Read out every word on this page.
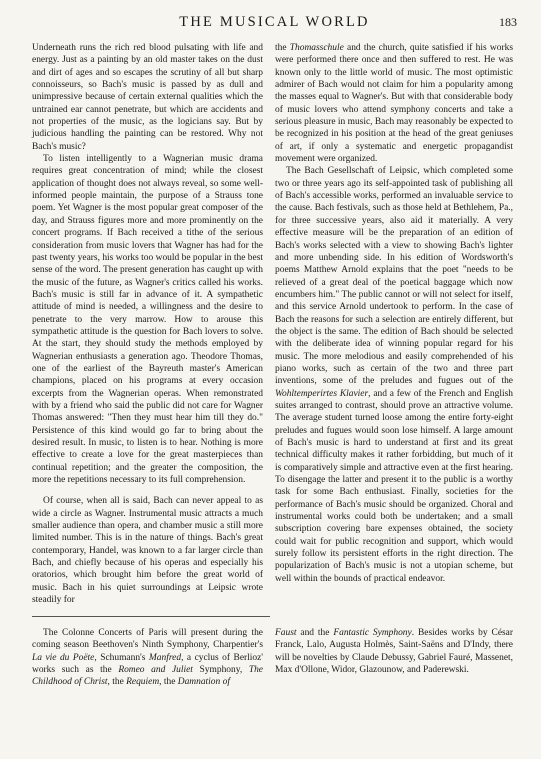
THE MUSICAL WORLD	183

Underneath runs the rich red blood pulsating with life and energy. Just as a painting by an old master takes on the dust and dirt of ages and so escapes the scrutiny of all but sharp connoisseurs, so Bach's music is passed by as dull and unimpressive because of certain external qualities which the untrained ear cannot penetrate, but which are accidents and not properties of the music, as the logicians say. But by judicious handling the painting can be restored. Why not Bach's music?

To listen intelligently to a Wagnerian music drama requires great concentration of mind; while the closest application of thought does not always reveal, so some well-informed people maintain, the purpose of a Strauss tone poem. Yet Wagner is the most popular great composer of the day, and Strauss figures more and more prominently on the concert programs. If Bach received a tithe of the serious consideration from music lovers that Wagner has had for the past twenty years, his works too would be popular in the best sense of the word. The present generation has caught up with the music of the future, as Wagner's critics called his works. Bach's music is still far in advance of it. A sympathetic attitude of mind is needed, a willingness and the desire to penetrate to the very marrow. How to arouse this sympathetic attitude is the question for Bach lovers to solve. At the start, they should study the methods employed by Wagnerian enthusiasts a generation ago. Theodore Thomas, one of the earliest of the Bayreuth master's American champions, placed on his programs at every occasion excerpts from the Wagnerian operas. When remonstrated with by a friend who said the public did not care for Wagner Thomas answered: "Then they must hear him till they do." Persistence of this kind would go far to bring about the desired result. In music, to listen is to hear. Nothing is more effective to create a love for the great masterpieces than continual repetition; and the greater the composition, the more the repetitions necessary to its full comprehension.

Of course, when all is said, Bach can never appeal to as wide a circle as Wagner. Instrumental music attracts a much smaller audience than opera, and chamber music a still more limited number. This is in the nature of things. Bach's great contemporary, Handel, was known to a far larger circle than Bach, and chiefly because of his operas and especially his oratorios, which brought him before the great world of music. Bach in his quiet surroundings at Leipsic wrote steadily for

the Thomasschule and the church, quite satisfied if his works were performed there once and then suffered to rest. He was known only to the little world of music. The most optimistic admirer of Bach would not claim for him a popularity among the masses equal to Wagner's. But with that considerable body of music lovers who attend symphony concerts and take a serious pleasure in music, Bach may reasonably be expected to be recognized in his position at the head of the great geniuses of art, if only a systematic and energetic propagandist movement were organized.

The Bach Gesellschaft of Leipsic, which completed some two or three years ago its self-appointed task of publishing all of Bach's accessible works, performed an invaluable service to the cause. Bach festivals, such as those held at Bethlehem, Pa., for three successive years, also aid it materially. A very effective measure will be the preparation of an edition of Bach's works selected with a view to showing Bach's lighter and more unbending side. In his edition of Wordsworth's poems Matthew Arnold explains that the poet "needs to be relieved of a great deal of the poetical baggage which now encumbers him." The public cannot or will not select for itself, and this service Arnold undertook to perform. In the case of Bach the reasons for such a selection are entirely different, but the object is the same. The edition of Bach should be selected with the deliberate idea of winning popular regard for his music. The more melodious and easily comprehended of his piano works, such as certain of the two and three part inventions, some of the preludes and fugues out of the Wohltemperirtes Klavier, and a few of the French and English suites arranged to contrast, should prove an attractive volume. The average student turned loose among the entire forty-eight preludes and fugues would soon lose himself. A large amount of Bach's music is hard to understand at first and its great technical difficulty makes it rather forbidding, but much of it is comparatively simple and attractive even at the first hearing. To disengage the latter and present it to the public is a worthy task for some Bach enthusiast. Finally, societies for the performance of Bach's music should be organized. Choral and instrumental works could both be undertaken; and a small subscription covering bare expenses obtained, the society could wait for public recognition and support, which would surely follow its persistent efforts in the right direction. The popularization of Bach's music is not a utopian scheme, but well within the bounds of practical endeavor.

The Colonne Concerts of Paris will present during the coming season Beethoven's Ninth Symphony, Charpentier's La vie du Poëte, Schumann's Manfred, a cyclus of Berlioz' works such as the Romeo and Juliet Symphony, The Childhood of Christ, the Requiem, the Damnation of

Faust and the Fantastic Symphony. Besides works by César Franck, Lalo, Augusta Holmès, Saint-Saëns and D'Indy, there will be novelties by Claude Debussy, Gabriel Fauré, Massenet, Max d'Ollone, Widor, Glazounow, and Paderewski.
